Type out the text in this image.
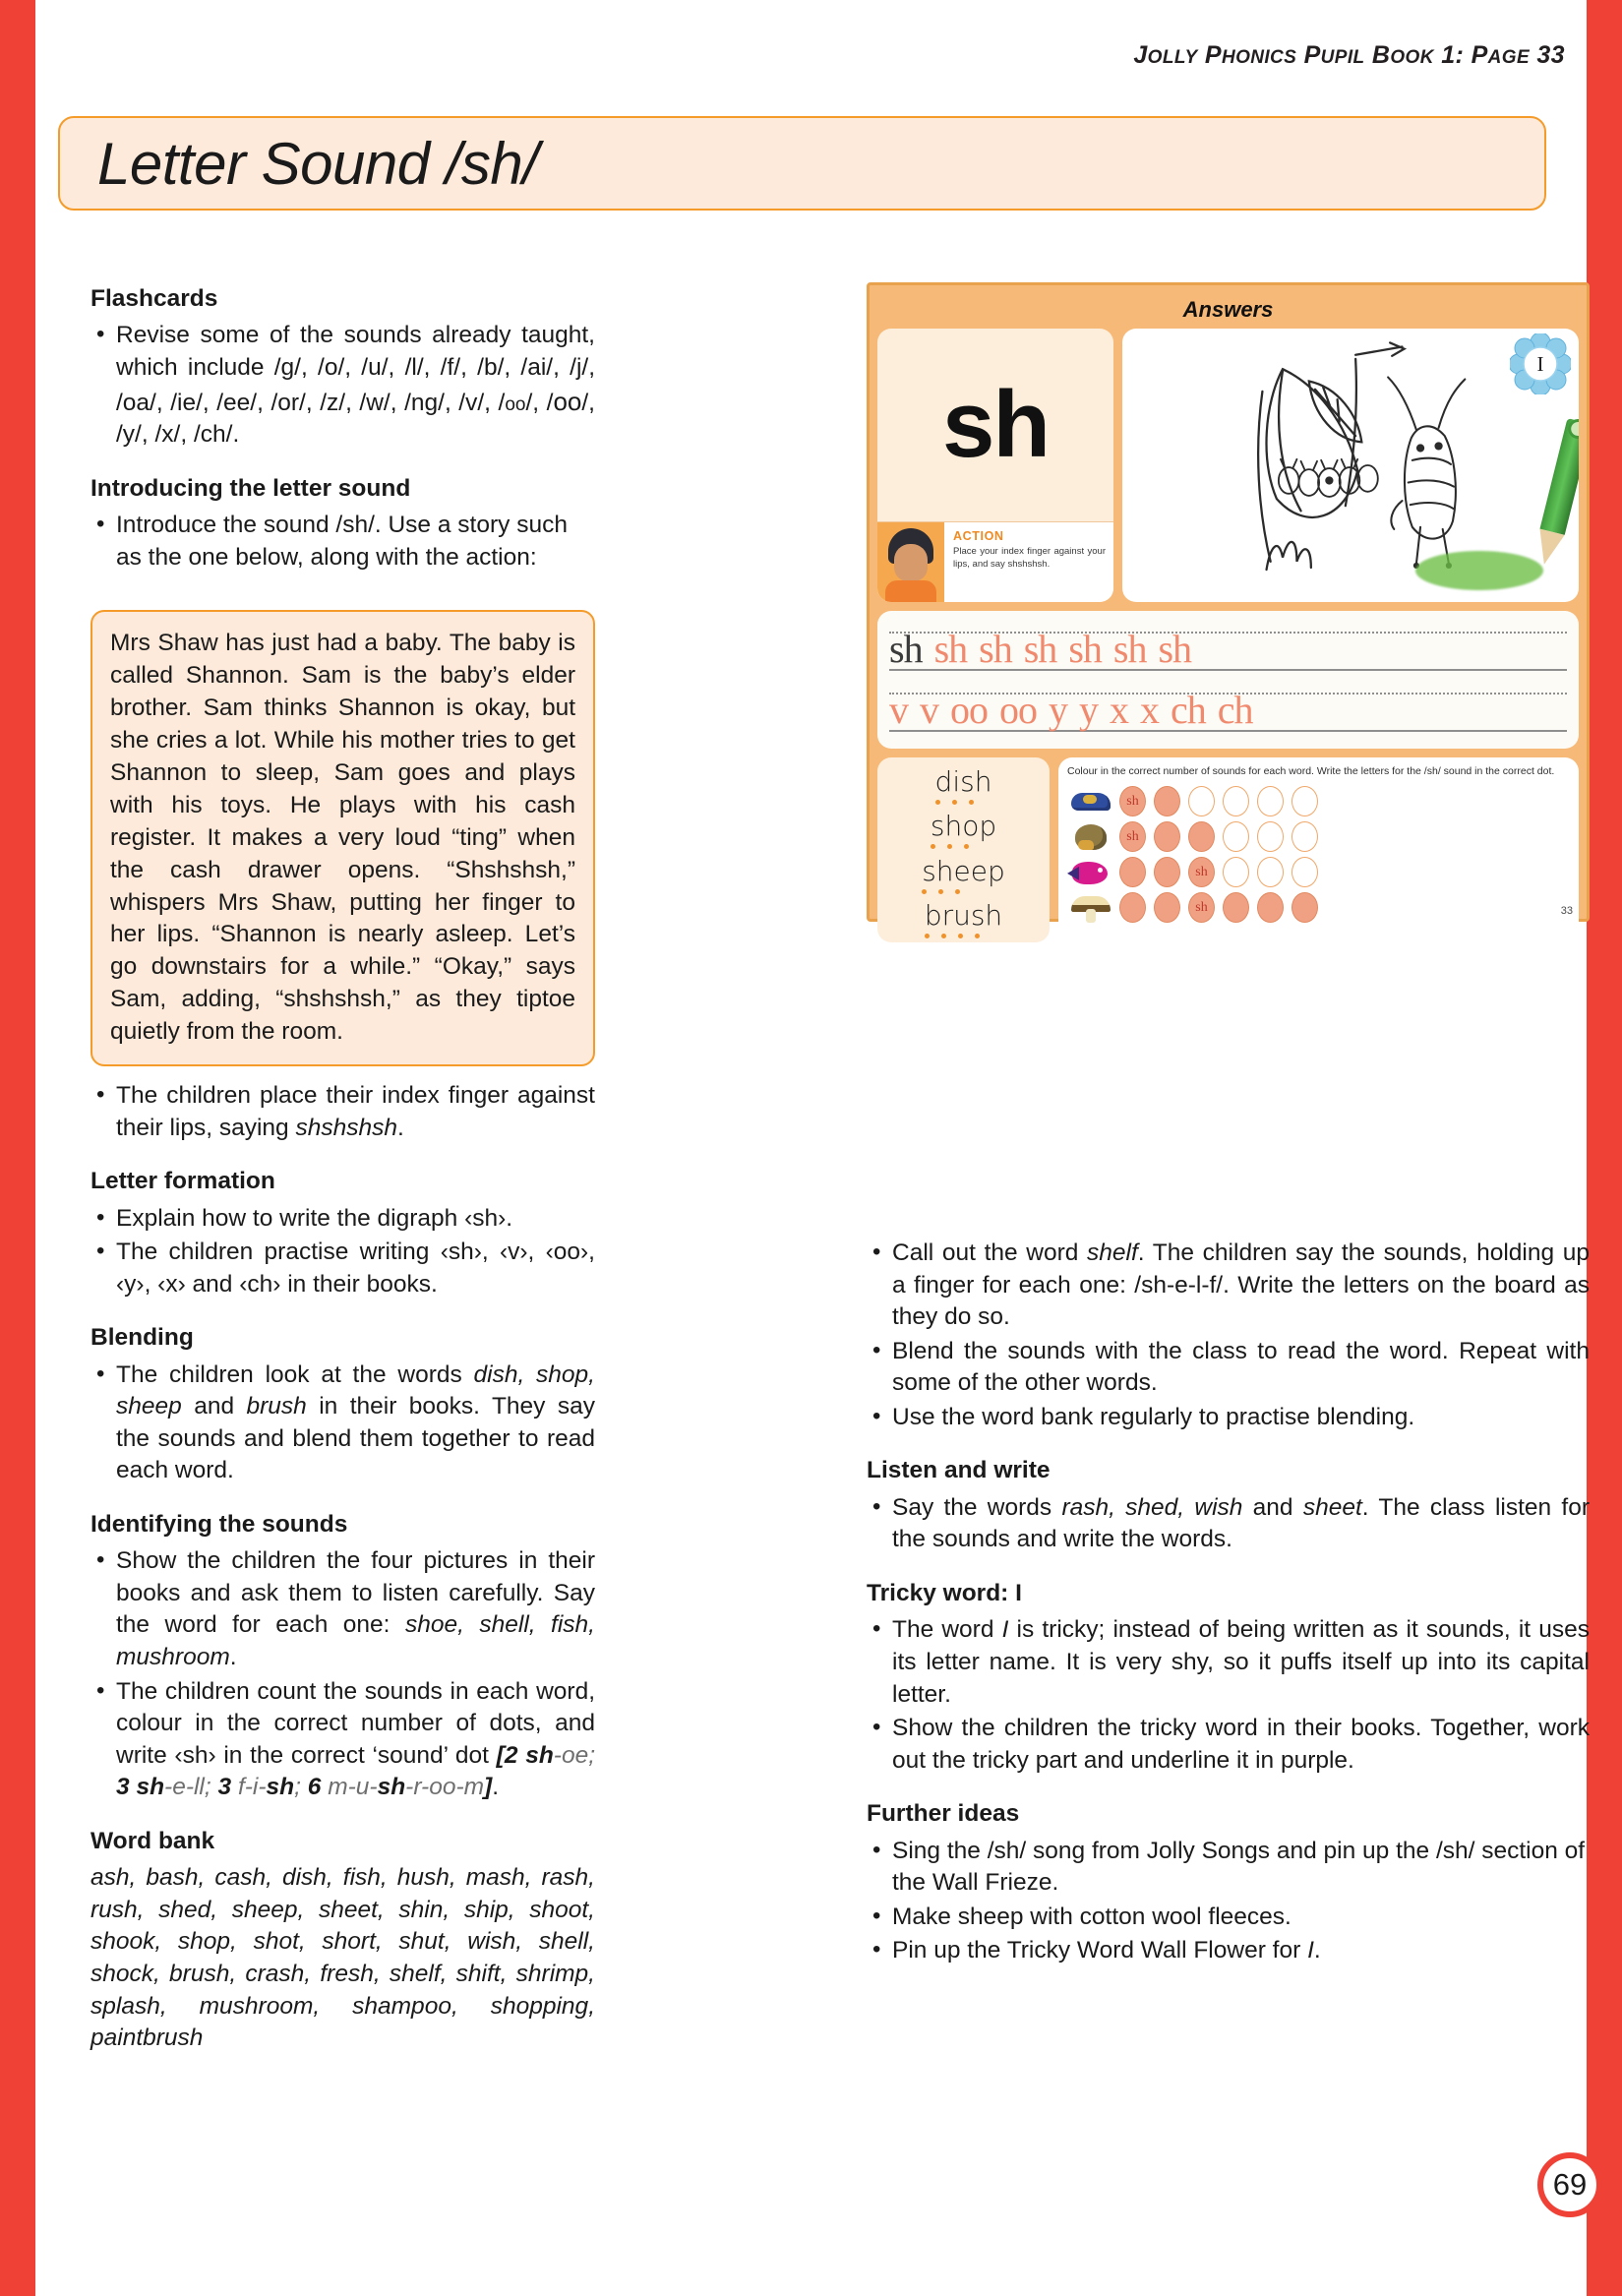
JOLLY PHONICS PUPIL BOOK 1: PAGE 33
Letter Sound /sh/
Flashcards
• Revise some of the sounds already taught, which include /g/, /o/, /u/, /l/, /f/, /b/, /ai/, /j/, /oa/, /ie/, /ee/, /or/, /z/, /w/, /ng/, /v/, /oo/, /oo/, /y/, /x/, /ch/.
Introducing the letter sound
• Introduce the sound /sh/. Use a story such as the one below, along with the action:

Mrs Shaw has just had a baby. The baby is called Shannon. Sam is the baby’s elder brother. Sam thinks Shannon is okay, but she cries a lot. While his mother tries to get Shannon to sleep, Sam goes and plays with his toys. He plays with his cash register. It makes a very loud “ting” when the cash drawer opens. “Shshshsh,” whispers Mrs Shaw, putting her finger to her lips. “Shannon is nearly asleep. Let’s go downstairs for a while.” “Okay,” says Sam, adding, “shshshsh,” as they tiptoe quietly from the room.

• The children place their index finger against their lips, saying shshshsh.
Letter formation
• Explain how to write the digraph ‹sh›.
• The children practise writing ‹sh›, ‹v›, ‹oo›, ‹y›, ‹x› and ‹ch› in their books.
Blending
• The children look at the words dish, shop, sheep and brush in their books. They say the sounds and blend them together to read each word.
Identifying the sounds
• Show the children the four pictures in their books and ask them to listen carefully. Say the word for each one: shoe, shell, fish, mushroom.
• The children count the sounds in each word, colour in the correct number of dots, and write ‹sh› in the correct ‘sound’ dot [2 sh-oe; 3 sh-e-ll; 3 f-i-sh; 6 m-u-sh-r-oo-m].
Word bank
ash, bash, cash, dish, fish, hush, mash, rash, rush, shed, sheep, sheet, shin, ship, shoot, shook, shop, shot, short, shut, wish, shell, shock, brush, crash, fresh, shelf, shift, shrimp, splash, mushroom, shampoo, shopping, paintbrush
Answers
sh
ACTION
Place your index finger against your lips, and say shshshsh.
I
sh sh sh sh sh sh sh
v v oo oo y y x x ch ch
dish
shop
sheep
brush
Colour in the correct number of sounds for each word. Write the letters for the /sh/ sound in the correct dot.
sh
sh
sh
sh	33
• Call out the word shelf. The children say the sounds, holding up a finger for each one: /sh-e-l-f/. Write the letters on the board as they do so.
• Blend the sounds with the class to read the word. Repeat with some of the other words.
• Use the word bank regularly to practise blending.
Listen and write
• Say the words rash, shed, wish and sheet. The class listen for the sounds and write the words.
Tricky word: I
• The word I is tricky; instead of being written as it sounds, it uses its letter name. It is very shy, so it puffs itself up into its capital letter.
• Show the children the tricky word in their books. Together, work out the tricky part and underline it in purple.
Further ideas
• Sing the /sh/ song from Jolly Songs and pin up the /sh/ section of the Wall Frieze.
• Make sheep with cotton wool fleeces.
• Pin up the Tricky Word Wall Flower for I.
69
